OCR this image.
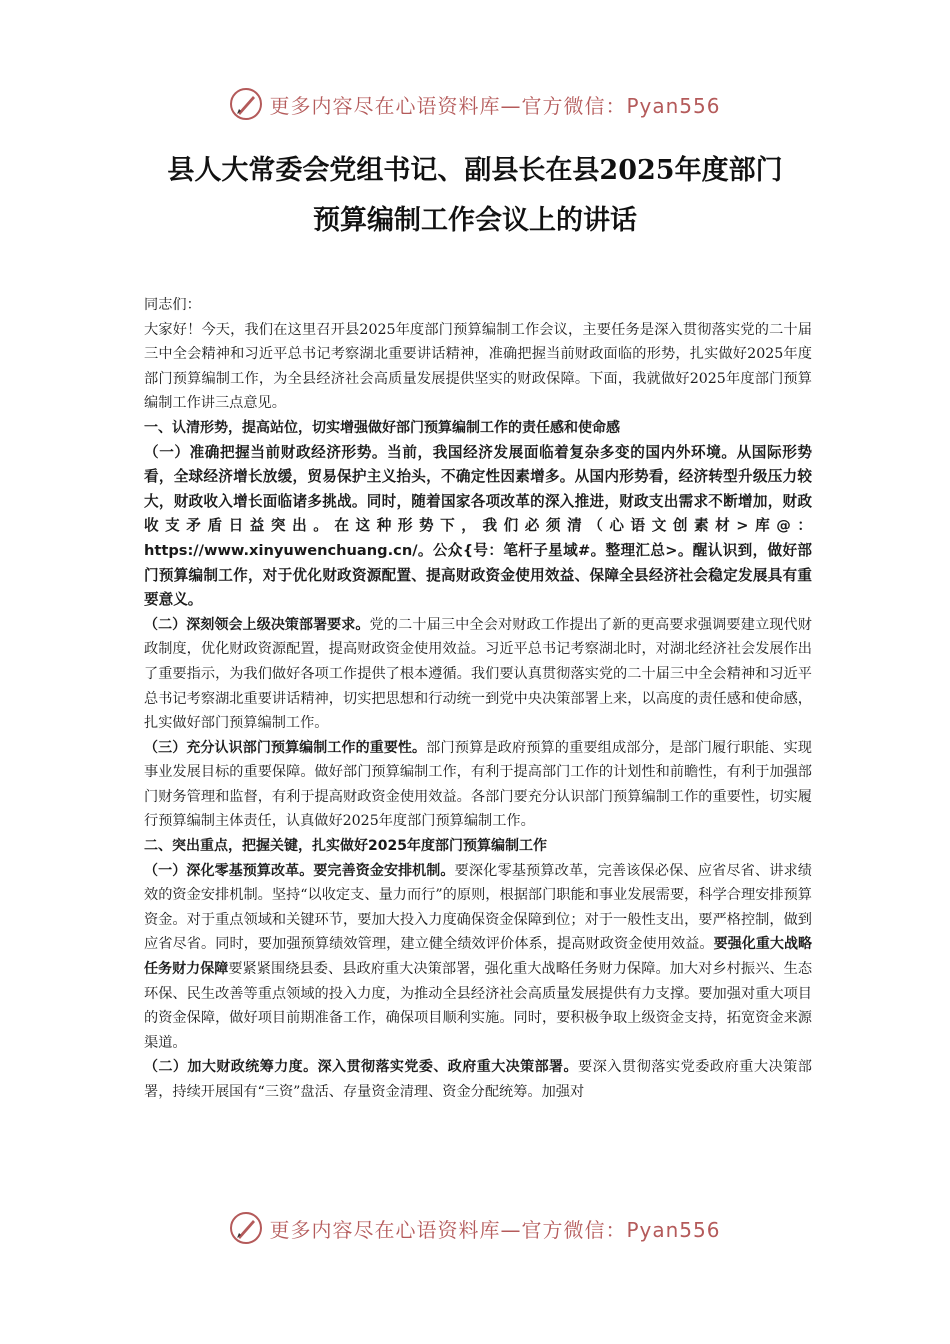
更多内容尽在心语资料库—官方微信：Pyan556
县人大常委会党组书记、副县长在县2025年度部门
预算编制工作会议上的讲话

同志们：

大家好！今天，我们在这里召开县2025年度部门预算编制工作会议，主要任务是深入贯彻落实党的二十届三中全会精神和习近平总书记考察湖北重要讲话精神，准确把握当前财政面临的形势，扎实做好2025年度部门预算编制工作，为全县经济社会高质量发展提供坚实的财政保障。下面，我就做好2025年度部门预算编制工作讲三点意见。

一、认清形势，提高站位，切实增强做好部门预算编制工作的责任感和使命感

（一）准确把握当前财政经济形势。当前，我国经济发展面临着复杂多变的国内外环境。从国际形势看，全球经济增长放缓，贸易保护主义抬头，不确定性因素增多。从国内形势看，经济转型升级压力较大，财政收入增长面临诸多挑战。同时，随着国家各项改革的深入推进，财政支出需求不断增加，财政收支矛盾日益突出。在这种形势下，我们必须清（心语文创素材>库@：https://www.xinyuwenchuang.cn/。公众{号：笔杆子星域#。整理汇总>。醒认识到，做好部门预算编制工作，对于优化财政资源配置、提高财政资金使用效益、保障全县经济社会稳定发展具有重要意义。

（二）深刻领会上级决策部署要求。党的二十届三中全会对财政工作提出了新的更高要求强调要建立现代财政制度，优化财政资源配置，提高财政资金使用效益。习近平总书记考察湖北时，对湖北经济社会发展作出了重要指示，为我们做好各项工作提供了根本遵循。我们要认真贯彻落实党的二十届三中全会精神和习近平总书记考察湖北重要讲话精神，切实把思想和行动统一到党中央决策部署上来，以高度的责任感和使命感，扎实做好部门预算编制工作。

（三）充分认识部门预算编制工作的重要性。部门预算是政府预算的重要组成部分，是部门履行职能、实现事业发展目标的重要保障。做好部门预算编制工作，有利于提高部门工作的计划性和前瞻性，有利于加强部门财务管理和监督，有利于提高财政资金使用效益。各部门要充分认识部门预算编制工作的重要性，切实履行预算编制主体责任，认真做好2025年度部门预算编制工作。

二、突出重点，把握关键，扎实做好2025年度部门预算编制工作

（一）深化零基预算改革。要完善资金安排机制。要深化零基预算改革，完善该保必保、应省尽省、讲求绩效的资金安排机制。坚持“以收定支、量力而行”的原则，根据部门职能和事业发展需要，科学合理安排预算资金。对于重点领域和关键环节，要加大投入力度确保资金保障到位；对于一般性支出，要严格控制，做到应省尽省。同时，要加强预算绩效管理，建立健全绩效评价体系，提高财政资金使用效益。要强化重大战略任务财力保障要紧紧围绕县委、县政府重大决策部署，强化重大战略任务财力保障。加大对乡村振兴、生态环保、民生改善等重点领域的投入力度，为推动全县经济社会高质量发展提供有力支撑。要加强对重大项目的资金保障，做好项目前期准备工作，确保项目顺利实施。同时，要积极争取上级资金支持，拓宽资金来源渠道。

（二）加大财政统筹力度。深入贯彻落实党委、政府重大决策部署。要深入贯彻落实党委政府重大决策部署，持续开展国有“三资”盘活、存量资金清理、资金分配统筹。加强对

更多内容尽在心语资料库—官方微信：Pyan556
